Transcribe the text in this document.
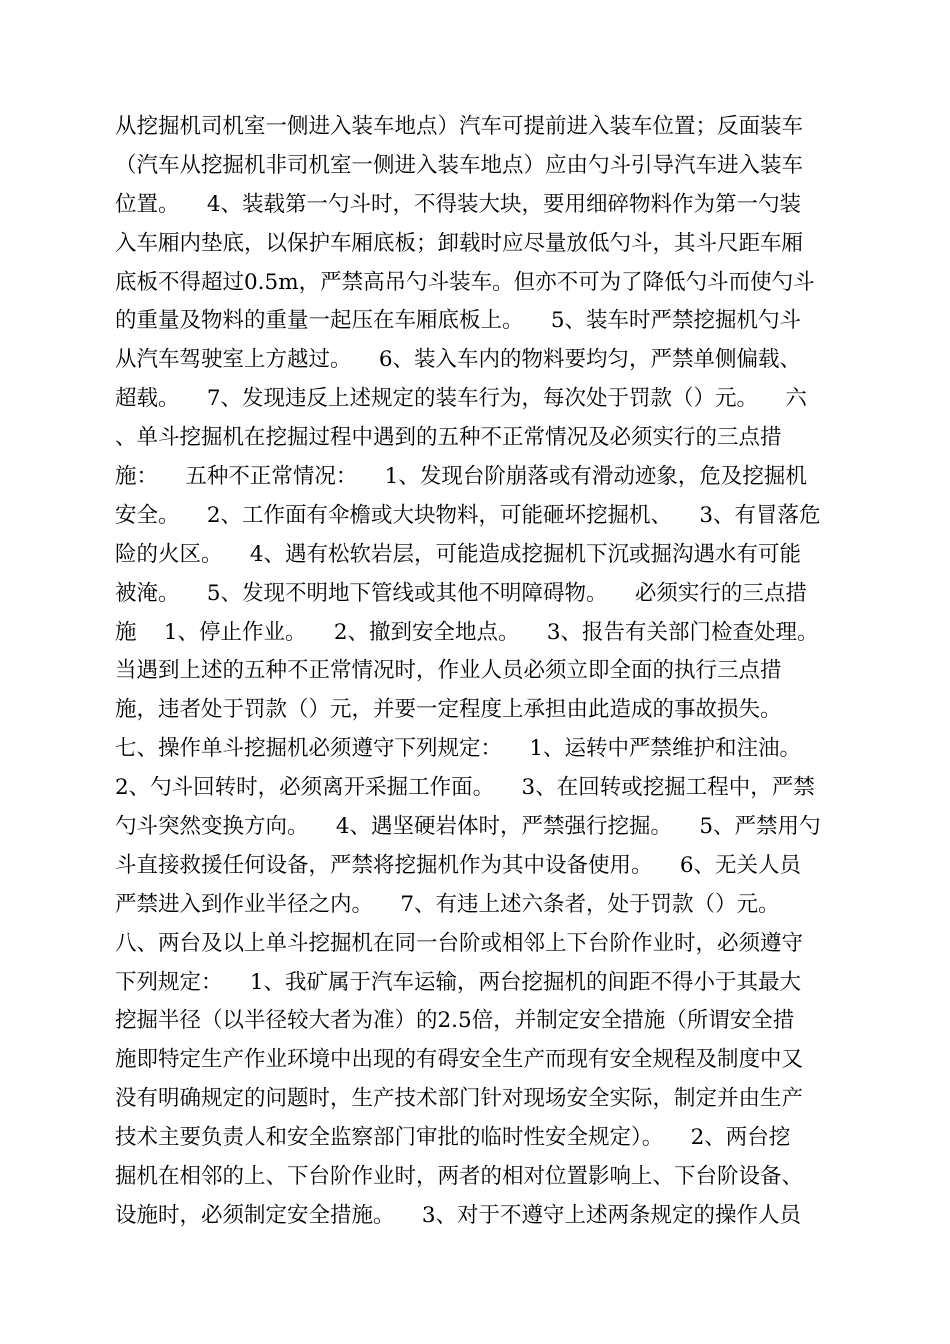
从挖掘机司机室一侧进入装车地点）汽车可提前进入装车位置；反面装车
（汽车从挖掘机非司机室一侧进入装车地点）应由勺斗引导汽车进入装车
位置。    4、装载第一勺斗时，不得装大块，要用细碎物料作为第一勺装
入车厢内垫底，以保护车厢底板；卸载时应尽量放低勺斗，其斗尺距车厢
底板不得超过0.5m，严禁高吊勺斗装车。但亦不可为了降低勺斗而使勺斗
的重量及物料的重量一起压在车厢底板上。    5、装车时严禁挖掘机勺斗
从汽车驾驶室上方越过。    6、装入车内的物料要均匀，严禁单侧偏载、
超载。    7、发现违反上述规定的装车行为，每次处于罚款（）元。    六
、单斗挖掘机在挖掘过程中遇到的五种不正常情况及必须实行的三点措
施：    五种不正常情况：    1、发现台阶崩落或有滑动迹象，危及挖掘机
安全。    2、工作面有伞檐或大块物料，可能砸坏挖掘机、    3、有冒落危
险的火区。    4、遇有松软岩层，可能造成挖掘机下沉或掘沟遇水有可能
被淹。    5、发现不明地下管线或其他不明障碍物。    必须实行的三点措
施    1、停止作业。    2、撤到安全地点。    3、报告有关部门检查处理。
当遇到上述的五种不正常情况时，作业人员必须立即全面的执行三点措
施，违者处于罚款（）元，并要一定程度上承担由此造成的事故损失。
七、操作单斗挖掘机必须遵守下列规定：    1、运转中严禁维护和注油。
2、勺斗回转时，必须离开采掘工作面。    3、在回转或挖掘工程中，严禁
勺斗突然变换方向。    4、遇坚硬岩体时，严禁强行挖掘。    5、严禁用勺
斗直接救援任何设备，严禁将挖掘机作为其中设备使用。    6、无关人员
严禁进入到作业半径之内。    7、有违上述六条者，处于罚款（）元。
八、两台及以上单斗挖掘机在同一台阶或相邻上下台阶作业时，必须遵守
下列规定：    1、我矿属于汽车运输，两台挖掘机的间距不得小于其最大
挖掘半径（以半径较大者为准）的2.5倍，并制定安全措施（所谓安全措
施即特定生产作业环境中出现的有碍安全生产而现有安全规程及制度中又
没有明确规定的问题时，生产技术部门针对现场安全实际，制定并由生产
技术主要负责人和安全监察部门审批的临时性安全规定）。    2、两台挖
掘机在相邻的上、下台阶作业时，两者的相对位置影响上、下台阶设备、
设施时，必须制定安全措施。    3、对于不遵守上述两条规定的操作人员
